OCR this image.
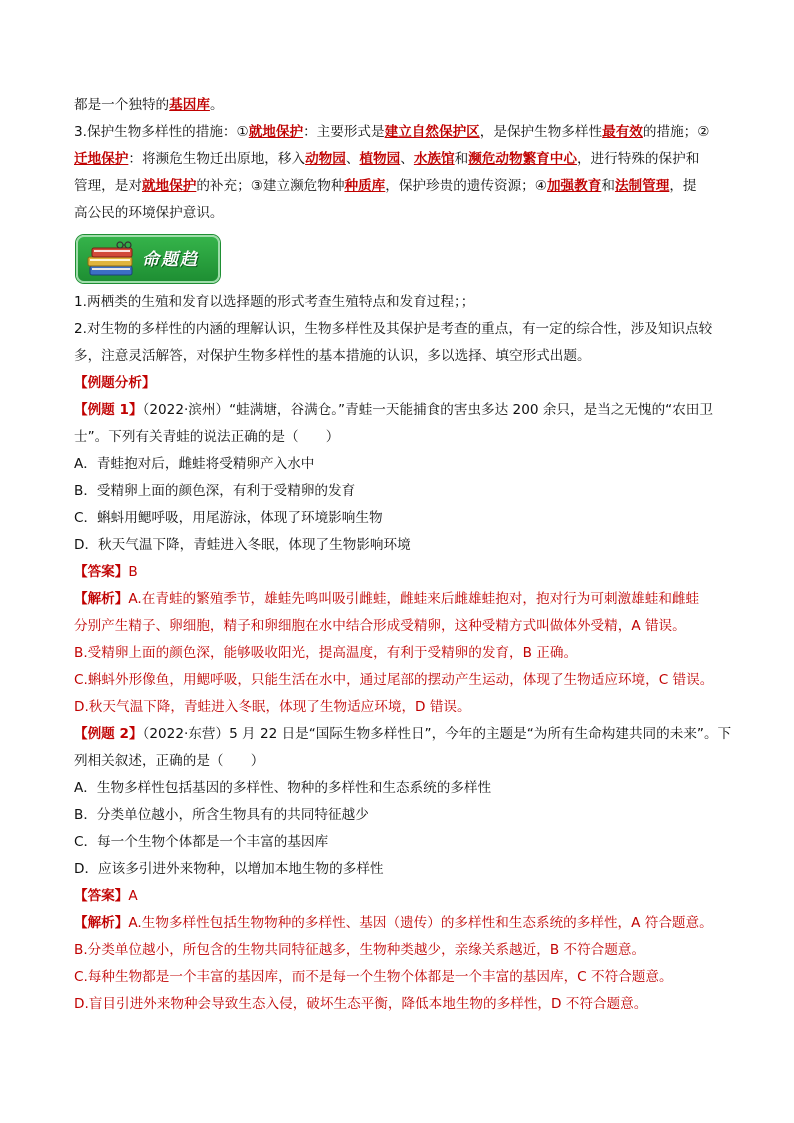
都是一个独特的基因库。
3.保护生物多样性的措施：①就地保护：主要形式是建立自然保护区，是保护生物多样性最有效的措施；②
迁地保护：将濒危生物迁出原地，移入动物园、植物园、水族馆和濒危动物繁育中心，进行特殊的保护和
管理，是对就地保护的补充；③建立濒危物种种质库，保护珍贵的遗传资源；④加强教育和法制管理，提
高公民的环境保护意识。
命题趋
1.两栖类的生殖和发育以选择题的形式考查生殖特点和发育过程；；
2.对生物的多样性的内涵的理解认识，生物多样性及其保护是考查的重点，有一定的综合性，涉及知识点较
多，注意灵活解答，对保护生物多样性的基本措施的认识，多以选择、填空形式出题。
【例题分析】
【例题 1】（2022·滨州）“蛙满塘，谷满仓。”青蛙一天能捕食的害虫多达 200 余只，是当之无愧的“农田卫
士”。下列有关青蛙的说法正确的是（　　）
A．青蛙抱对后，雌蛙将受精卵产入水中
B．受精卵上面的颜色深，有利于受精卵的发育
C．蝌蚪用鳃呼吸，用尾游泳，体现了环境影响生物
D．秋天气温下降，青蛙进入冬眠，体现了生物影响环境
【答案】B
【解析】A.在青蛙的繁殖季节，雄蛙先鸣叫吸引雌蛙，雌蛙来后雌雄蛙抱对，抱对行为可刺激雄蛙和雌蛙
分别产生精子、卵细胞，精子和卵细胞在水中结合形成受精卵，这种受精方式叫做体外受精，A 错误。
B.受精卵上面的颜色深，能够吸收阳光，提高温度，有利于受精卵的发育，B 正确。
C.蝌蚪外形像鱼，用鳃呼吸，只能生活在水中，通过尾部的摆动产生运动，体现了生物适应环境，C 错误。
D.秋天气温下降，青蛙进入冬眠，体现了生物适应环境，D 错误。
【例题 2】（2022·东营）5 月 22 日是“国际生物多样性日”，今年的主题是“为所有生命构建共同的未来”。下
列相关叙述，正确的是（　　）
A．生物多样性包括基因的多样性、物种的多样性和生态系统的多样性
B．分类单位越小，所含生物具有的共同特征越少
C．每一个生物个体都是一个丰富的基因库
D．应该多引进外来物种，以增加本地生物的多样性
【答案】A
【解析】A.生物多样性包括生物物种的多样性、基因（遗传）的多样性和生态系统的多样性，A 符合题意。
B.分类单位越小，所包含的生物共同特征越多，生物种类越少，亲缘关系越近，B 不符合题意。
C.每种生物都是一个丰富的基因库，而不是每一个生物个体都是一个丰富的基因库，C 不符合题意。
D.盲目引进外来物种会导致生态入侵，破坏生态平衡，降低本地生物的多样性，D 不符合题意。
